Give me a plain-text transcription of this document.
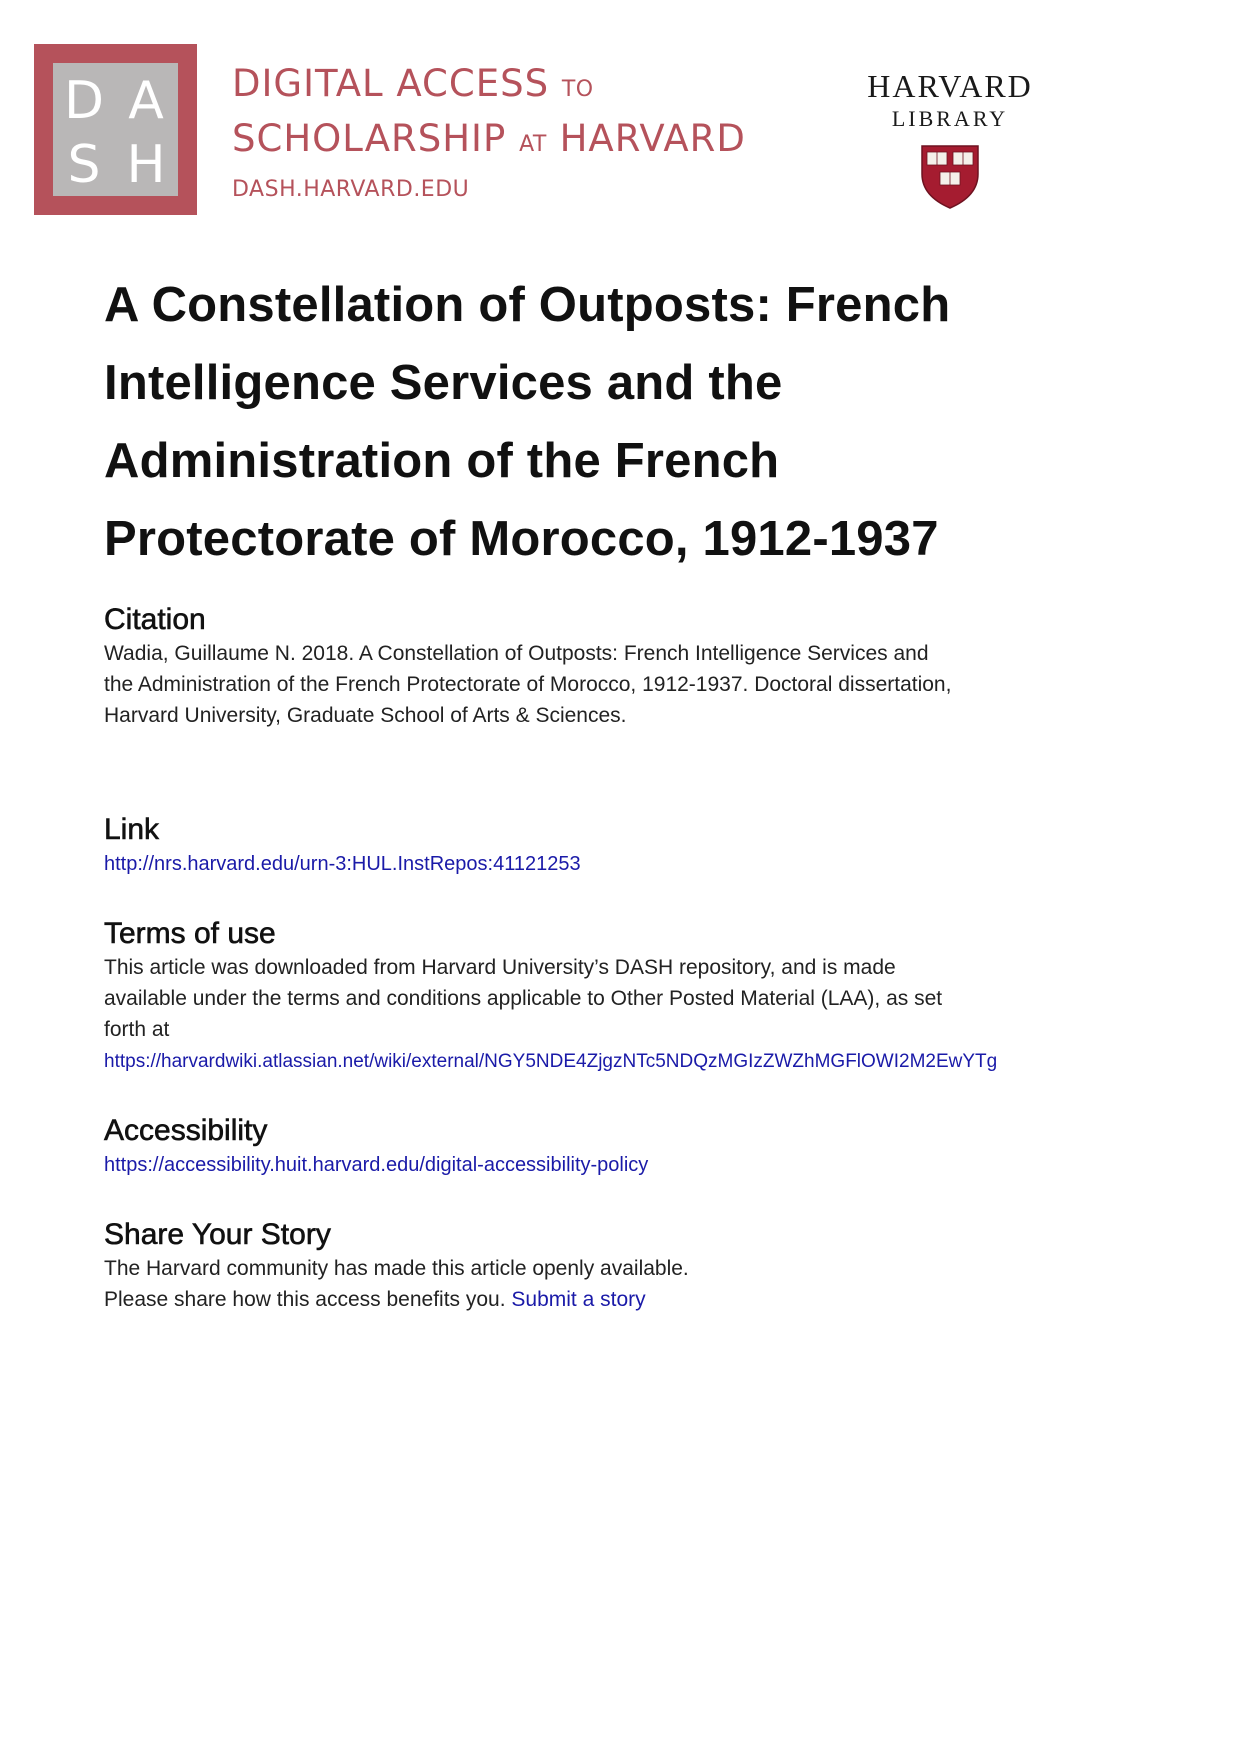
D A
S H
DIGITAL ACCESS TO
SCHOLARSHIP AT HARVARD
DASH.HARVARD.EDU
HARVARD
LIBRARY
A Constellation of Outposts: French
Intelligence Services and the
Administration of the French
Protectorate of Morocco, 1912-1937
Citation

Wadia, Guillaume N. 2018. A Constellation of Outposts: French Intelligence Services and
the Administration of the French Protectorate of Morocco, 1912-1937. Doctoral dissertation,
Harvard University, Graduate School of Arts & Sciences.

Link

http://nrs.harvard.edu/urn-3:HUL.InstRepos:41121253

Terms of use

This article was downloaded from Harvard University’s DASH repository, and is made
available under the terms and conditions applicable to Other Posted Material (LAA), as set
forth at
https://harvardwiki.atlassian.net/wiki/external/NGY5NDE4ZjgzNTc5NDQzMGIzZWZhMGFlOWI2M2EwYTg

Accessibility

https://accessibility.huit.harvard.edu/digital-accessibility-policy

Share Your Story

The Harvard community has made this article openly available.
Please share how this access benefits you. Submit a story
